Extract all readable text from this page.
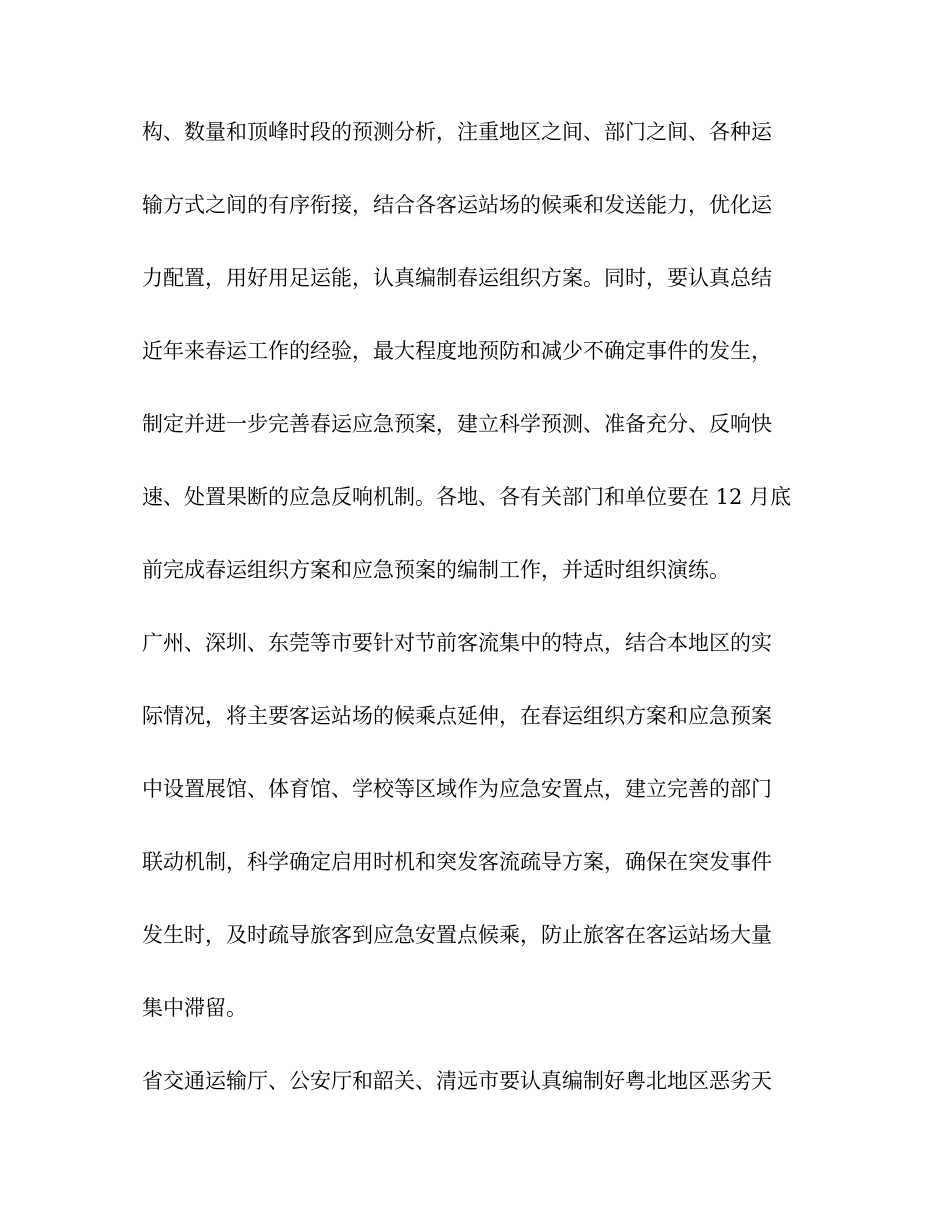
构、数量和顶峰时段的预测分析，注重地区之间、部门之间、各种运
输方式之间的有序衔接，结合各客运站场的候乘和发送能力，优化运
力配置，用好用足运能，认真编制春运组织方案。同时，要认真总结
近年来春运工作的经验，最大程度地预防和减少不确定事件的发生，
制定并进一步完善春运应急预案，建立科学预测、准备充分、反响快
速、处置果断的应急反响机制。各地、各有关部门和单位要在 12 月底
前完成春运组织方案和应急预案的编制工作，并适时组织演练。
广州、深圳、东莞等市要针对节前客流集中的特点，结合本地区的实
际情况，将主要客运站场的候乘点延伸，在春运组织方案和应急预案
中设置展馆、体育馆、学校等区域作为应急安置点，建立完善的部门
联动机制，科学确定启用时机和突发客流疏导方案，确保在突发事件
发生时，及时疏导旅客到应急安置点候乘，防止旅客在客运站场大量
集中滞留。
省交通运输厅、公安厅和韶关、清远市要认真编制好粤北地区恶劣天
